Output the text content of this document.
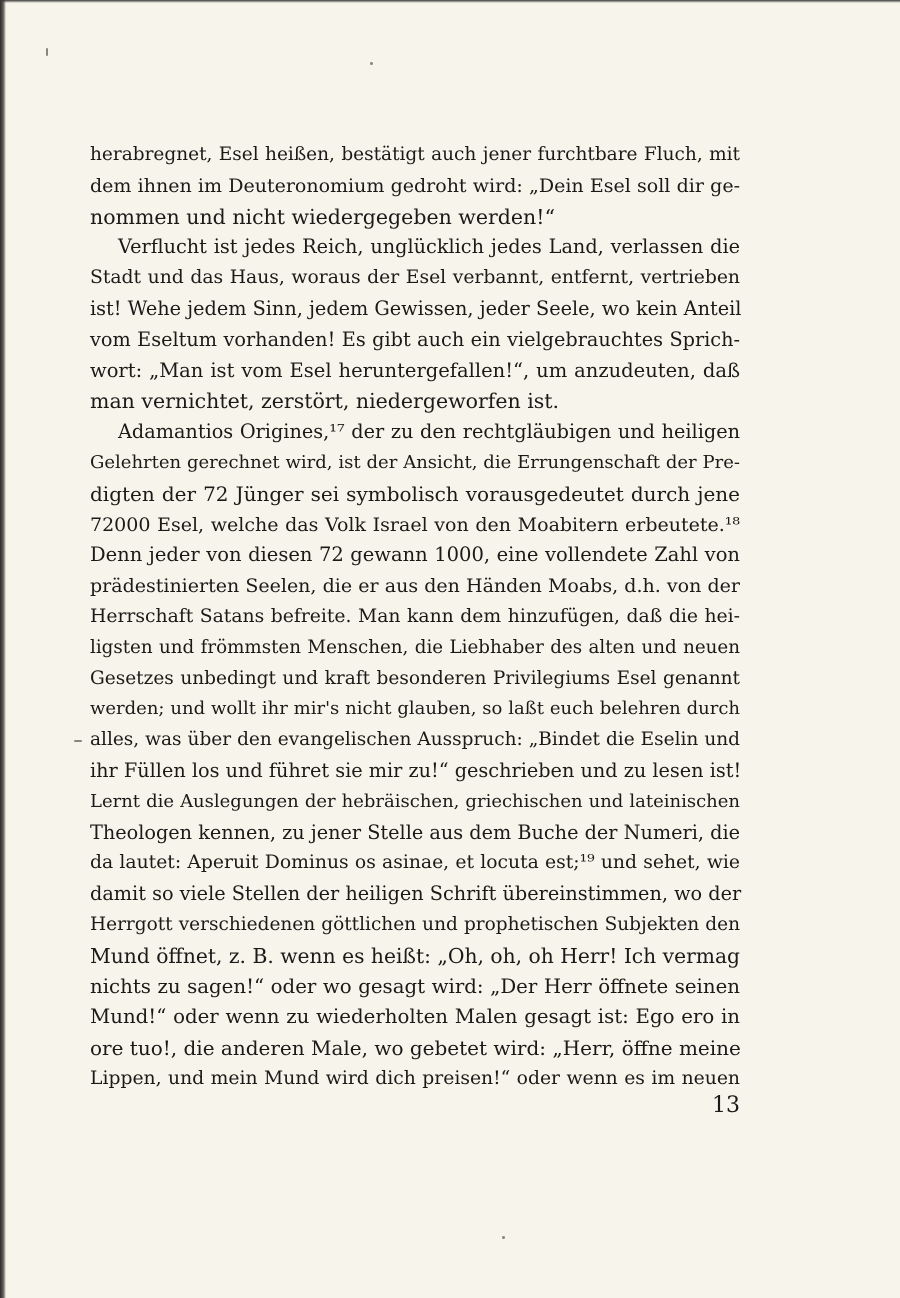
herabregnet, Esel heißen, bestätigt auch jener furchtbare Fluch, mit
dem ihnen im Deuteronomium gedroht wird: „Dein Esel soll dir ge-
nommen und nicht wiedergegeben werden!“
Verflucht ist jedes Reich, unglücklich jedes Land, verlassen die
Stadt und das Haus, woraus der Esel verbannt, entfernt, vertrieben
ist! Wehe jedem Sinn, jedem Gewissen, jeder Seele, wo kein Anteil
vom Eseltum vorhanden! Es gibt auch ein vielgebrauchtes Sprich-
wort: „Man ist vom Esel heruntergefallen!“, um anzudeuten, daß
man vernichtet, zerstört, niedergeworfen ist.
Adamantios Origines,¹⁷ der zu den rechtgläubigen und heiligen
Gelehrten gerechnet wird, ist der Ansicht, die Errungenschaft der Pre-
digten der 72 Jünger sei symbolisch vorausgedeutet durch jene
72000 Esel, welche das Volk Israel von den Moabitern erbeutete.¹⁸
Denn jeder von diesen 72 gewann 1000, eine vollendete Zahl von
prädestinierten Seelen, die er aus den Händen Moabs, d.h. von der
Herrschaft Satans befreite. Man kann dem hinzufügen, daß die hei-
ligsten und frömmsten Menschen, die Liebhaber des alten und neuen
Gesetzes unbedingt und kraft besonderen Privilegiums Esel genannt
werden; und wollt ihr mir's nicht glauben, so laßt euch belehren durch
alles, was über den evangelischen Ausspruch: „Bindet die Eselin und
ihr Füllen los und führet sie mir zu!“ geschrieben und zu lesen ist!
Lernt die Auslegungen der hebräischen, griechischen und lateinischen
Theologen kennen, zu jener Stelle aus dem Buche der Numeri, die
da lautet: Aperuit Dominus os asinae, et locuta est;¹⁹ und sehet, wie
damit so viele Stellen der heiligen Schrift übereinstimmen, wo der
Herrgott verschiedenen göttlichen und prophetischen Subjekten den
Mund öffnet, z. B. wenn es heißt: „Oh, oh, oh Herr! Ich vermag
nichts zu sagen!“ oder wo gesagt wird: „Der Herr öffnete seinen
Mund!“ oder wenn zu wiederholten Malen gesagt ist: Ego ero in
ore tuo!, die anderen Male, wo gebetet wird: „Herr, öffne meine
Lippen, und mein Mund wird dich preisen!“ oder wenn es im neuen
13
